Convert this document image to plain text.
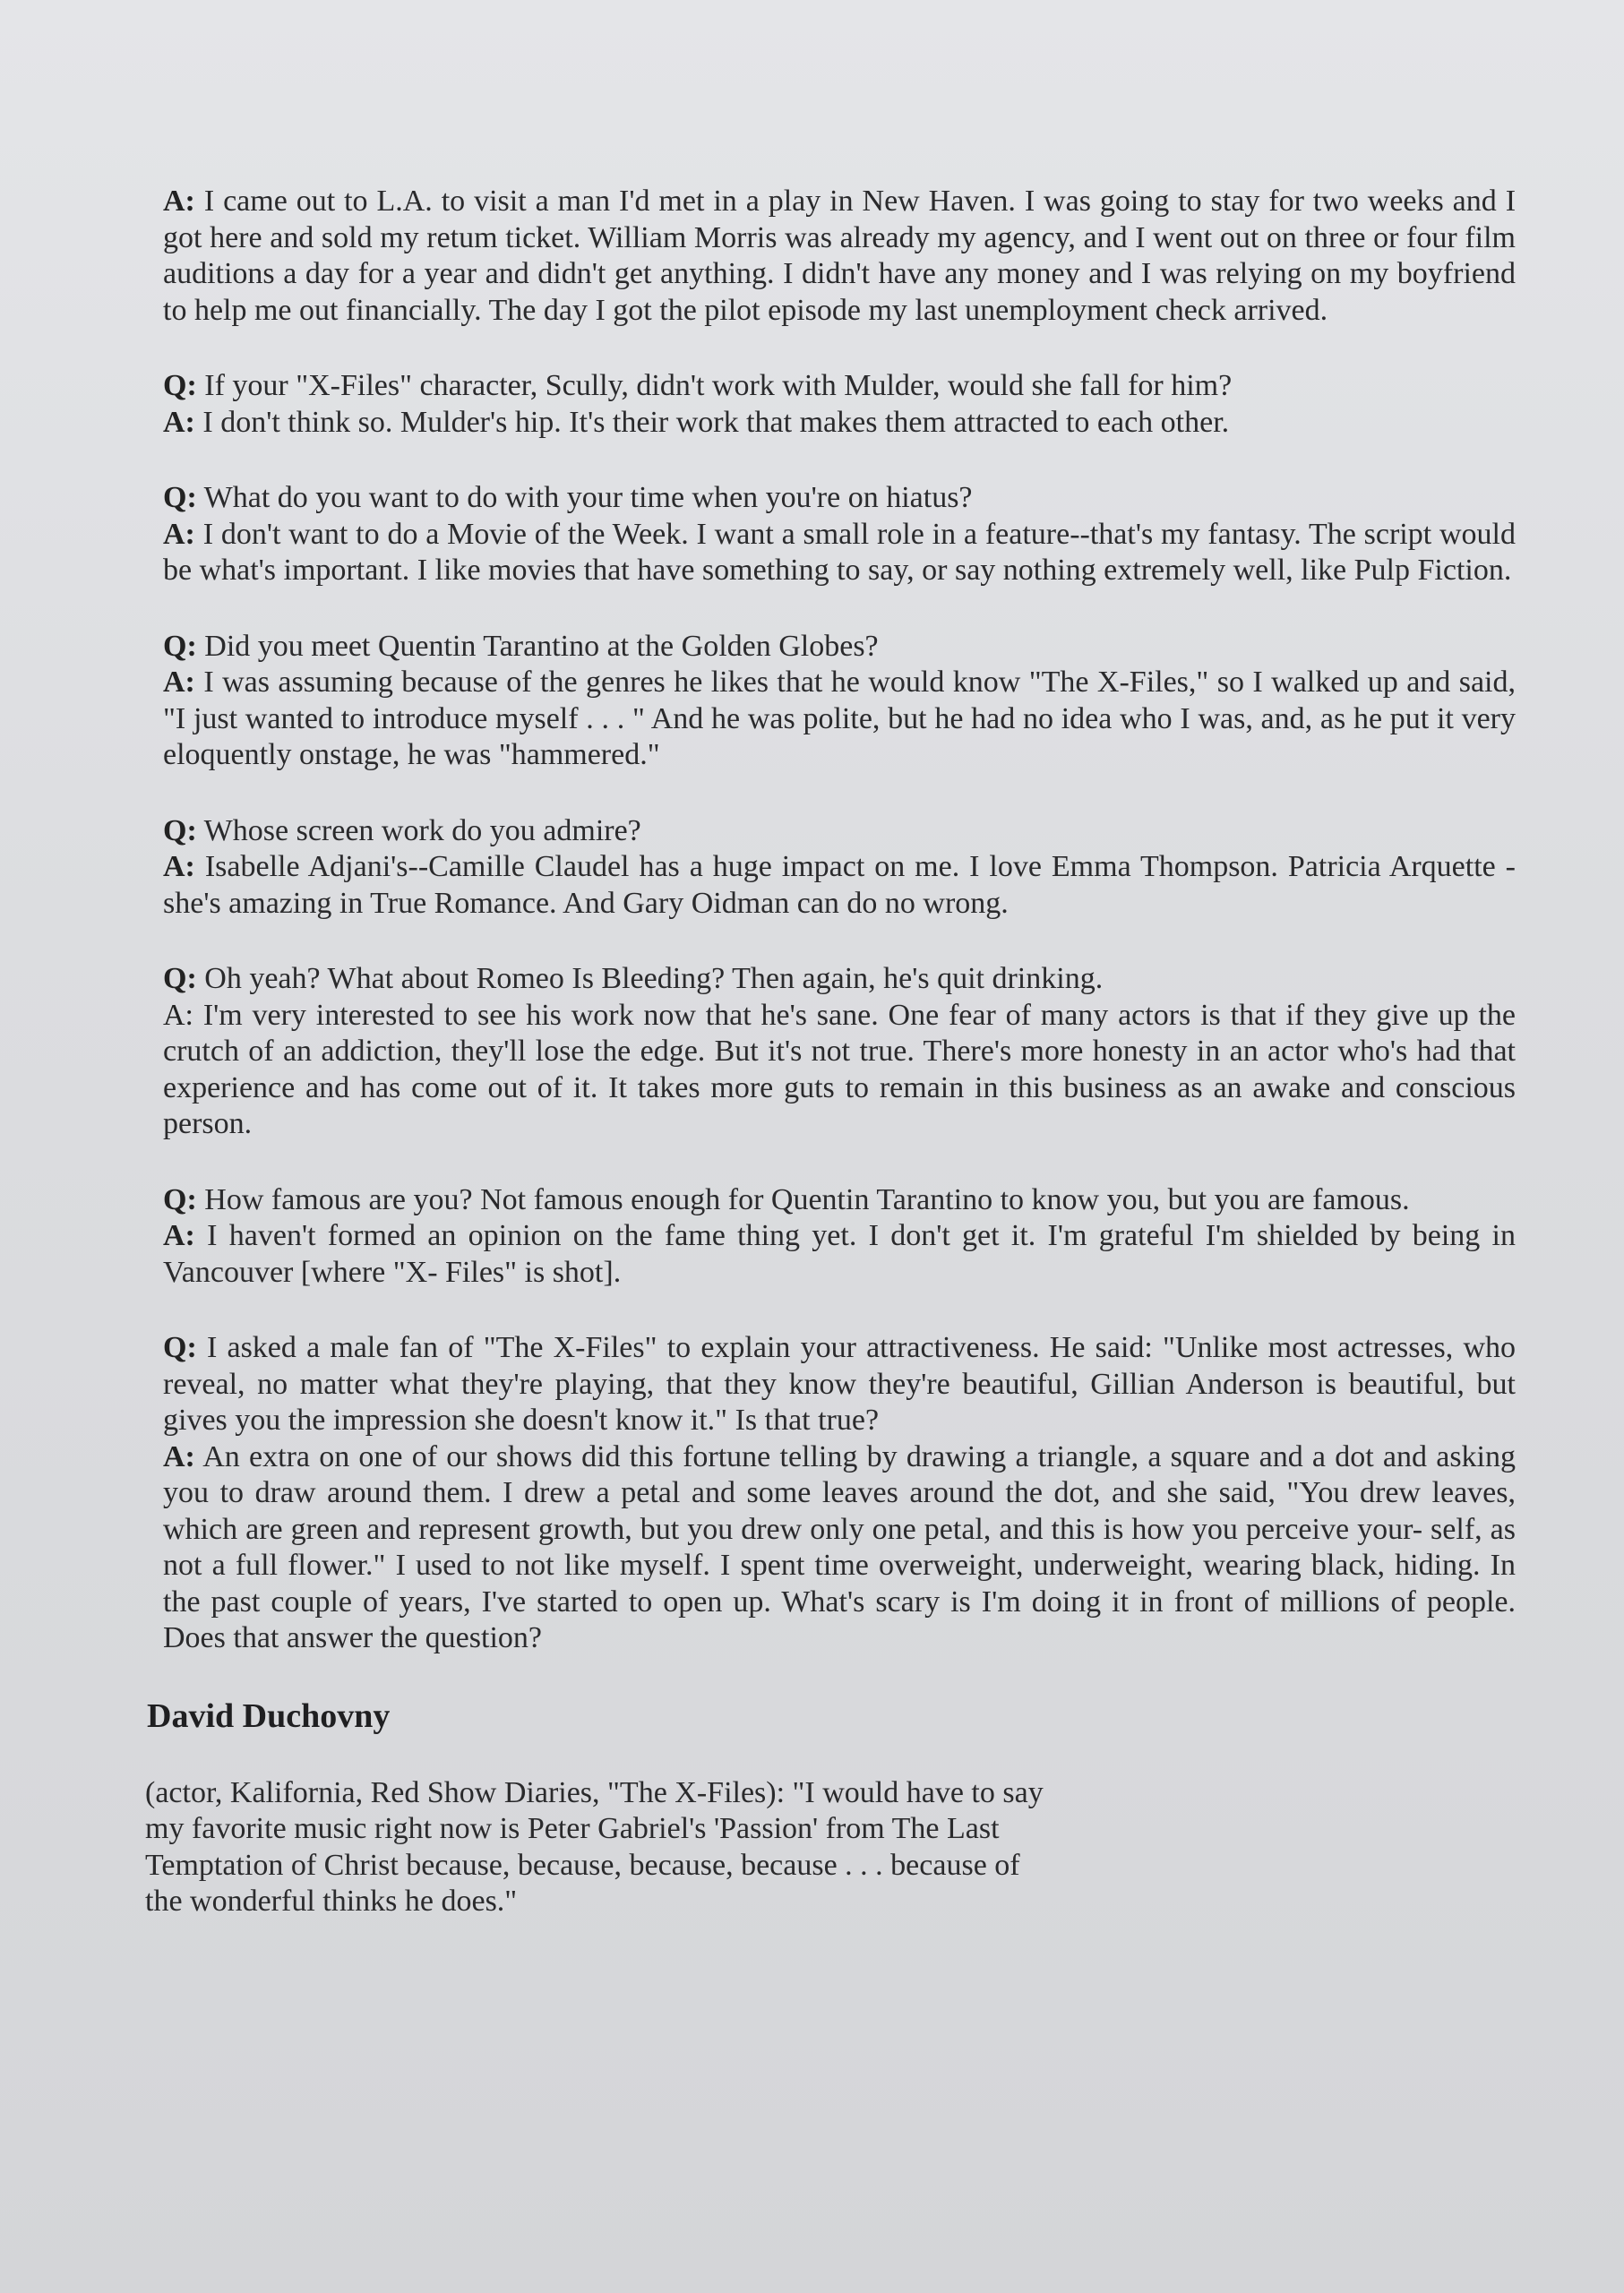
A: I came out to L.A. to visit a man I'd met in a play in New Haven. I was going to stay for two weeks and I got here and sold my retum ticket. William Morris was already my agency, and I went out on three or four film auditions a day for a year and didn't get anything. I didn't have any money and I was relying on my boyfriend to help me out financially. The day I got the pilot episode my last unemployment check arrived.

Q: If your "X-Files" character, Scully, didn't work with Mulder, would she fall for him?

A: I don't think so. Mulder's hip. It's their work that makes them attracted to each other.

Q: What do you want to do with your time when you're on hiatus?

A: I don't want to do a Movie of the Week. I want a small role in a feature--that's my fantasy. The script would be what's important. I like movies that have something to say, or say nothing extremely well, like Pulp Fiction.

Q: Did you meet Quentin Tarantino at the Golden Globes?

A: I was assuming because of the genres he likes that he would know "The X-Files," so I walked up and said, "I just wanted to introduce myself . . . " And he was polite, but he had no idea who I was, and, as he put it very eloquently onstage, he was "hammered."

Q: Whose screen work do you admire?

A: Isabelle Adjani's--Camille Claudel has a huge impact on me. I love Emma Thompson. Patricia Arquette -she's amazing in True Romance. And Gary Oidman can do no wrong.

Q: Oh yeah? What about Romeo Is Bleeding? Then again, he's quit drinking.

A: I'm very interested to see his work now that he's sane. One fear of many actors is that if they give up the crutch of an addiction, they'll lose the edge. But it's not true. There's more honesty in an actor who's had that experience and has come out of it. It takes more guts to remain in this business as an awake and conscious person.

Q: How famous are you? Not famous enough for Quentin Tarantino to know you, but you are famous.

A: I haven't formed an opinion on the fame thing yet. I don't get it. I'm grateful I'm shielded by being in Vancouver [where "X- Files" is shot].

Q: I asked a male fan of "The X-Files" to explain your attractiveness. He said: "Unlike most actresses, who reveal, no matter what they're playing, that they know they're beautiful, Gillian Anderson is beautiful, but gives you the impression she doesn't know it." Is that true?

A: An extra on one of our shows did this fortune telling by drawing a triangle, a square and a dot and asking you to draw around them. I drew a petal and some leaves around the dot, and she said, "You drew leaves, which are green and represent growth, but you drew only one petal, and this is how you perceive your- self, as not a full flower." I used to not like myself. I spent time overweight, underweight, wearing black, hiding. In the past couple of years, I've started to open up. What's scary is I'm doing it in front of millions of people. Does that answer the question?

David Duchovny

(actor, Kalifornia, Red Show Diaries, "The X-Files): "I would have to say

my favorite music right now is Peter Gabriel's 'Passion' from The Last

Temptation of Christ because, because, because, because . . . because of

the wonderful thinks he does."
